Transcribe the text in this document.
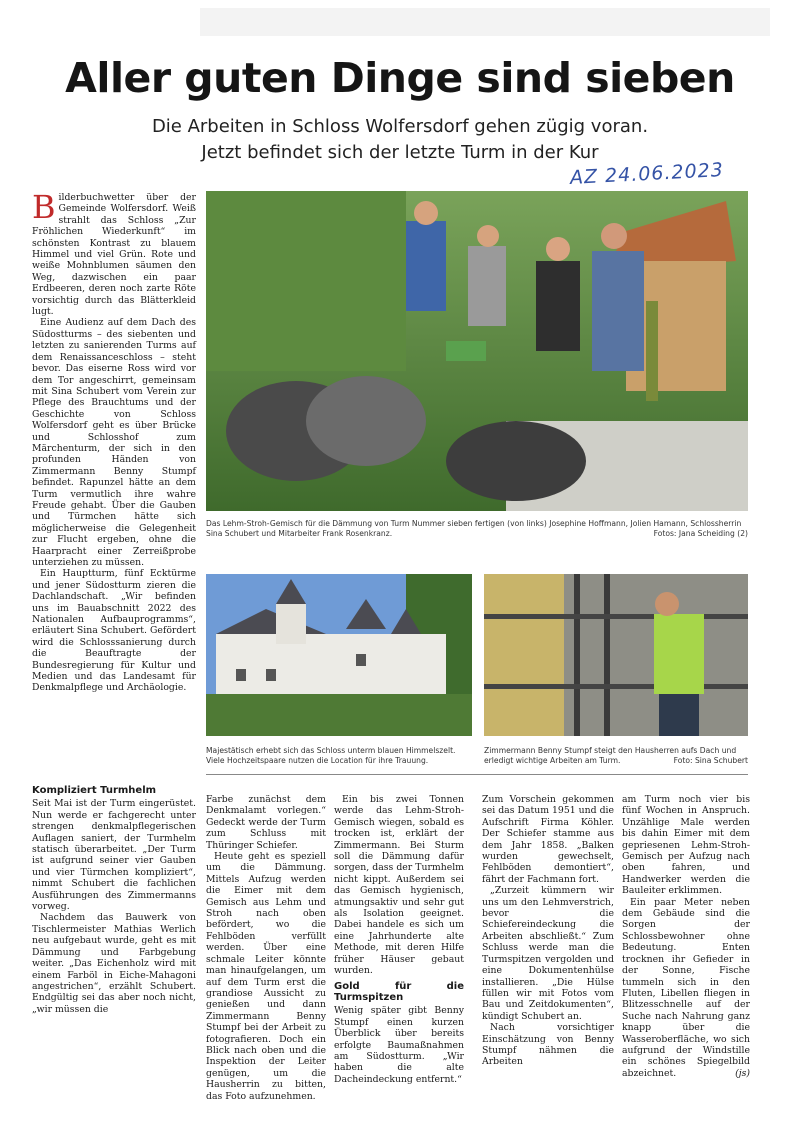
Aller guten Dinge sind sieben
Die Arbeiten in Schloss Wolfersdorf gehen zügig voran.
Jetzt befindet sich der letzte Turm in der Kur
AZ 24.06.2023

Bilderbuchwetter über der Gemeinde Wolfersdorf. Weiß strahlt das Schloss „Zur Fröhlichen Wiederkunft“ im schönsten Kontrast zu blauem Himmel und viel Grün. Rote und weiße Mohnblumen säumen den Weg, dazwischen ein paar Erdbeeren, deren noch zarte Röte vorsichtig durch das Blätterkleid lugt.

Eine Audienz auf dem Dach des Südostturms – des siebenten und letzten zu sanierenden Turms auf dem Renaissanceschloss – steht bevor. Das eiserne Ross wird vor dem Tor angeschirrt, gemeinsam mit Sina Schubert vom Verein zur Pflege des Brauchtums und der Geschichte von Schloss Wolfersdorf geht es über Brücke und Schlosshof zum Märchenturm, der sich in den profunden Händen von Zimmermann Benny Stumpf befindet. Rapunzel hätte an dem Turm vermutlich ihre wahre Freude gehabt. Über die Gauben und Türmchen hätte sich möglicherweise die Gelegenheit zur Flucht ergeben, ohne die Haarpracht einer Zerreißprobe unterziehen zu müssen.

Ein Hauptturm, fünf Ecktürme und jener Südostturm zieren die Dachlandschaft. „Wir befinden uns im Bauabschnitt 2022 des Nationalen Aufbauprogramms“, erläutert Sina Schubert. Gefördert wird die Schlosssanierung durch die Beauftragte der Bundesregierung für Kultur und Medien und das Landesamt für Denkmalpflege und Archäologie.

Kompliziert Turmhelm

Seit Mai ist der Turm eingerüstet. Nun werde er fachgerecht unter strengen denkmalpflegerischen Auflagen saniert, der Turmhelm statisch überarbeitet. „Der Turm ist aufgrund seiner vier Gauben und vier Türmchen kompliziert“, nimmt Schubert die fachlichen Ausführungen des Zimmermanns vorweg.

Nachdem das Bauwerk von Tischlermeister Mathias Werlich neu aufgebaut wurde, geht es mit Dämmung und Farbgebung weiter. „Das Eichenholz wird mit einem Farböl in Eiche-Mahagoni angestrichen“, erzählt Schubert. Endgültig sei das aber noch nicht, „wir müssen die

Das Lehm-Stroh-Gemisch für die Dämmung von Turm Nummer sieben fertigen (von links) Josephine Hoffmann, Jolien Hamann, Schlossherrin Sina Schubert und Mitarbeiter Frank Rosenkranz.	Fotos: Jana Scheiding (2)
Majestätisch erhebt sich das Schloss unterm blauen Himmelszelt. Viele Hochzeitspaare nutzen die Location für ihre Trauung.
Zimmermann Benny Stumpf steigt den Hausherren aufs Dach und erledigt wichtige Arbeiten am Turm.	Foto: Sina Schubert

Farbe zunächst dem Denkmalamt vorlegen.“ Gedeckt werde der Turm zum Schluss mit Thüringer Schiefer.

Heute geht es speziell um die Dämmung. Mittels Aufzug werden die Eimer mit dem Gemisch aus Lehm und Stroh nach oben befördert, wo die Fehlböden verfüllt werden. Über eine schmale Leiter könnte man hinaufgelangen, um auf dem Turm erst die grandiose Aussicht zu genießen und dann Zimmermann Benny Stumpf bei der Arbeit zu fotografieren. Doch ein Blick nach oben und die Inspektion der Leiter genügen, um die Hausherrin zu bitten, das Foto aufzunehmen.

Ein bis zwei Tonnen werde das Lehm-Stroh-Gemisch wiegen, sobald es trocken ist, erklärt der Zimmermann. Bei Sturm soll die Dämmung dafür sorgen, dass der Turmhelm nicht kippt. Außerdem sei das Gemisch hygienisch, atmungsaktiv und sehr gut als Isolation geeignet. Dabei handele es sich um eine Jahrhunderte alte Methode, mit deren Hilfe früher Häuser gebaut wurden.

Gold für die Turmspitzen

Wenig später gibt Benny Stumpf einen kurzen Überblick über bereits erfolgte Baumaßnahmen am Südostturm. „Wir haben die alte Dacheindeckung entfernt.“

Zum Vorschein gekommen sei das Datum 1951 und die Aufschrift Firma Köhler. Der Schiefer stamme aus dem Jahr 1858. „Balken wurden gewechselt, Fehlböden demontiert“, fährt der Fachmann fort.

„Zurzeit kümmern wir uns um den Lehmverstrich, bevor die Schiefereindeckung die Arbeiten abschließt.“ Zum Schluss werde man die Turmspitzen vergolden und eine Dokumentenhülse installieren. „Die Hülse füllen wir mit Fotos vom Bau und Zeitdokumenten“, kündigt Schubert an.

Nach vorsichtiger Einschätzung von Benny Stumpf nähmen die Arbeiten

am Turm noch vier bis fünf Wochen in Anspruch. Unzählige Male werden bis dahin Eimer mit dem gepriesenen Lehm-Stroh-Gemisch per Aufzug nach oben fahren, und Handwerker werden die Bauleiter erklimmen.

Ein paar Meter neben dem Gebäude sind die Sorgen der Schlossbewohner ohne Bedeutung. Enten trocknen ihr Gefieder in der Sonne, Fische tummeln sich in den Fluten, Libellen fliegen in Blitzesschnelle auf der Suche nach Nahrung ganz knapp über die Wasseroberfläche, wo sich aufgrund der Windstille ein schönes Spiegelbild abzeichnet.	(js)
